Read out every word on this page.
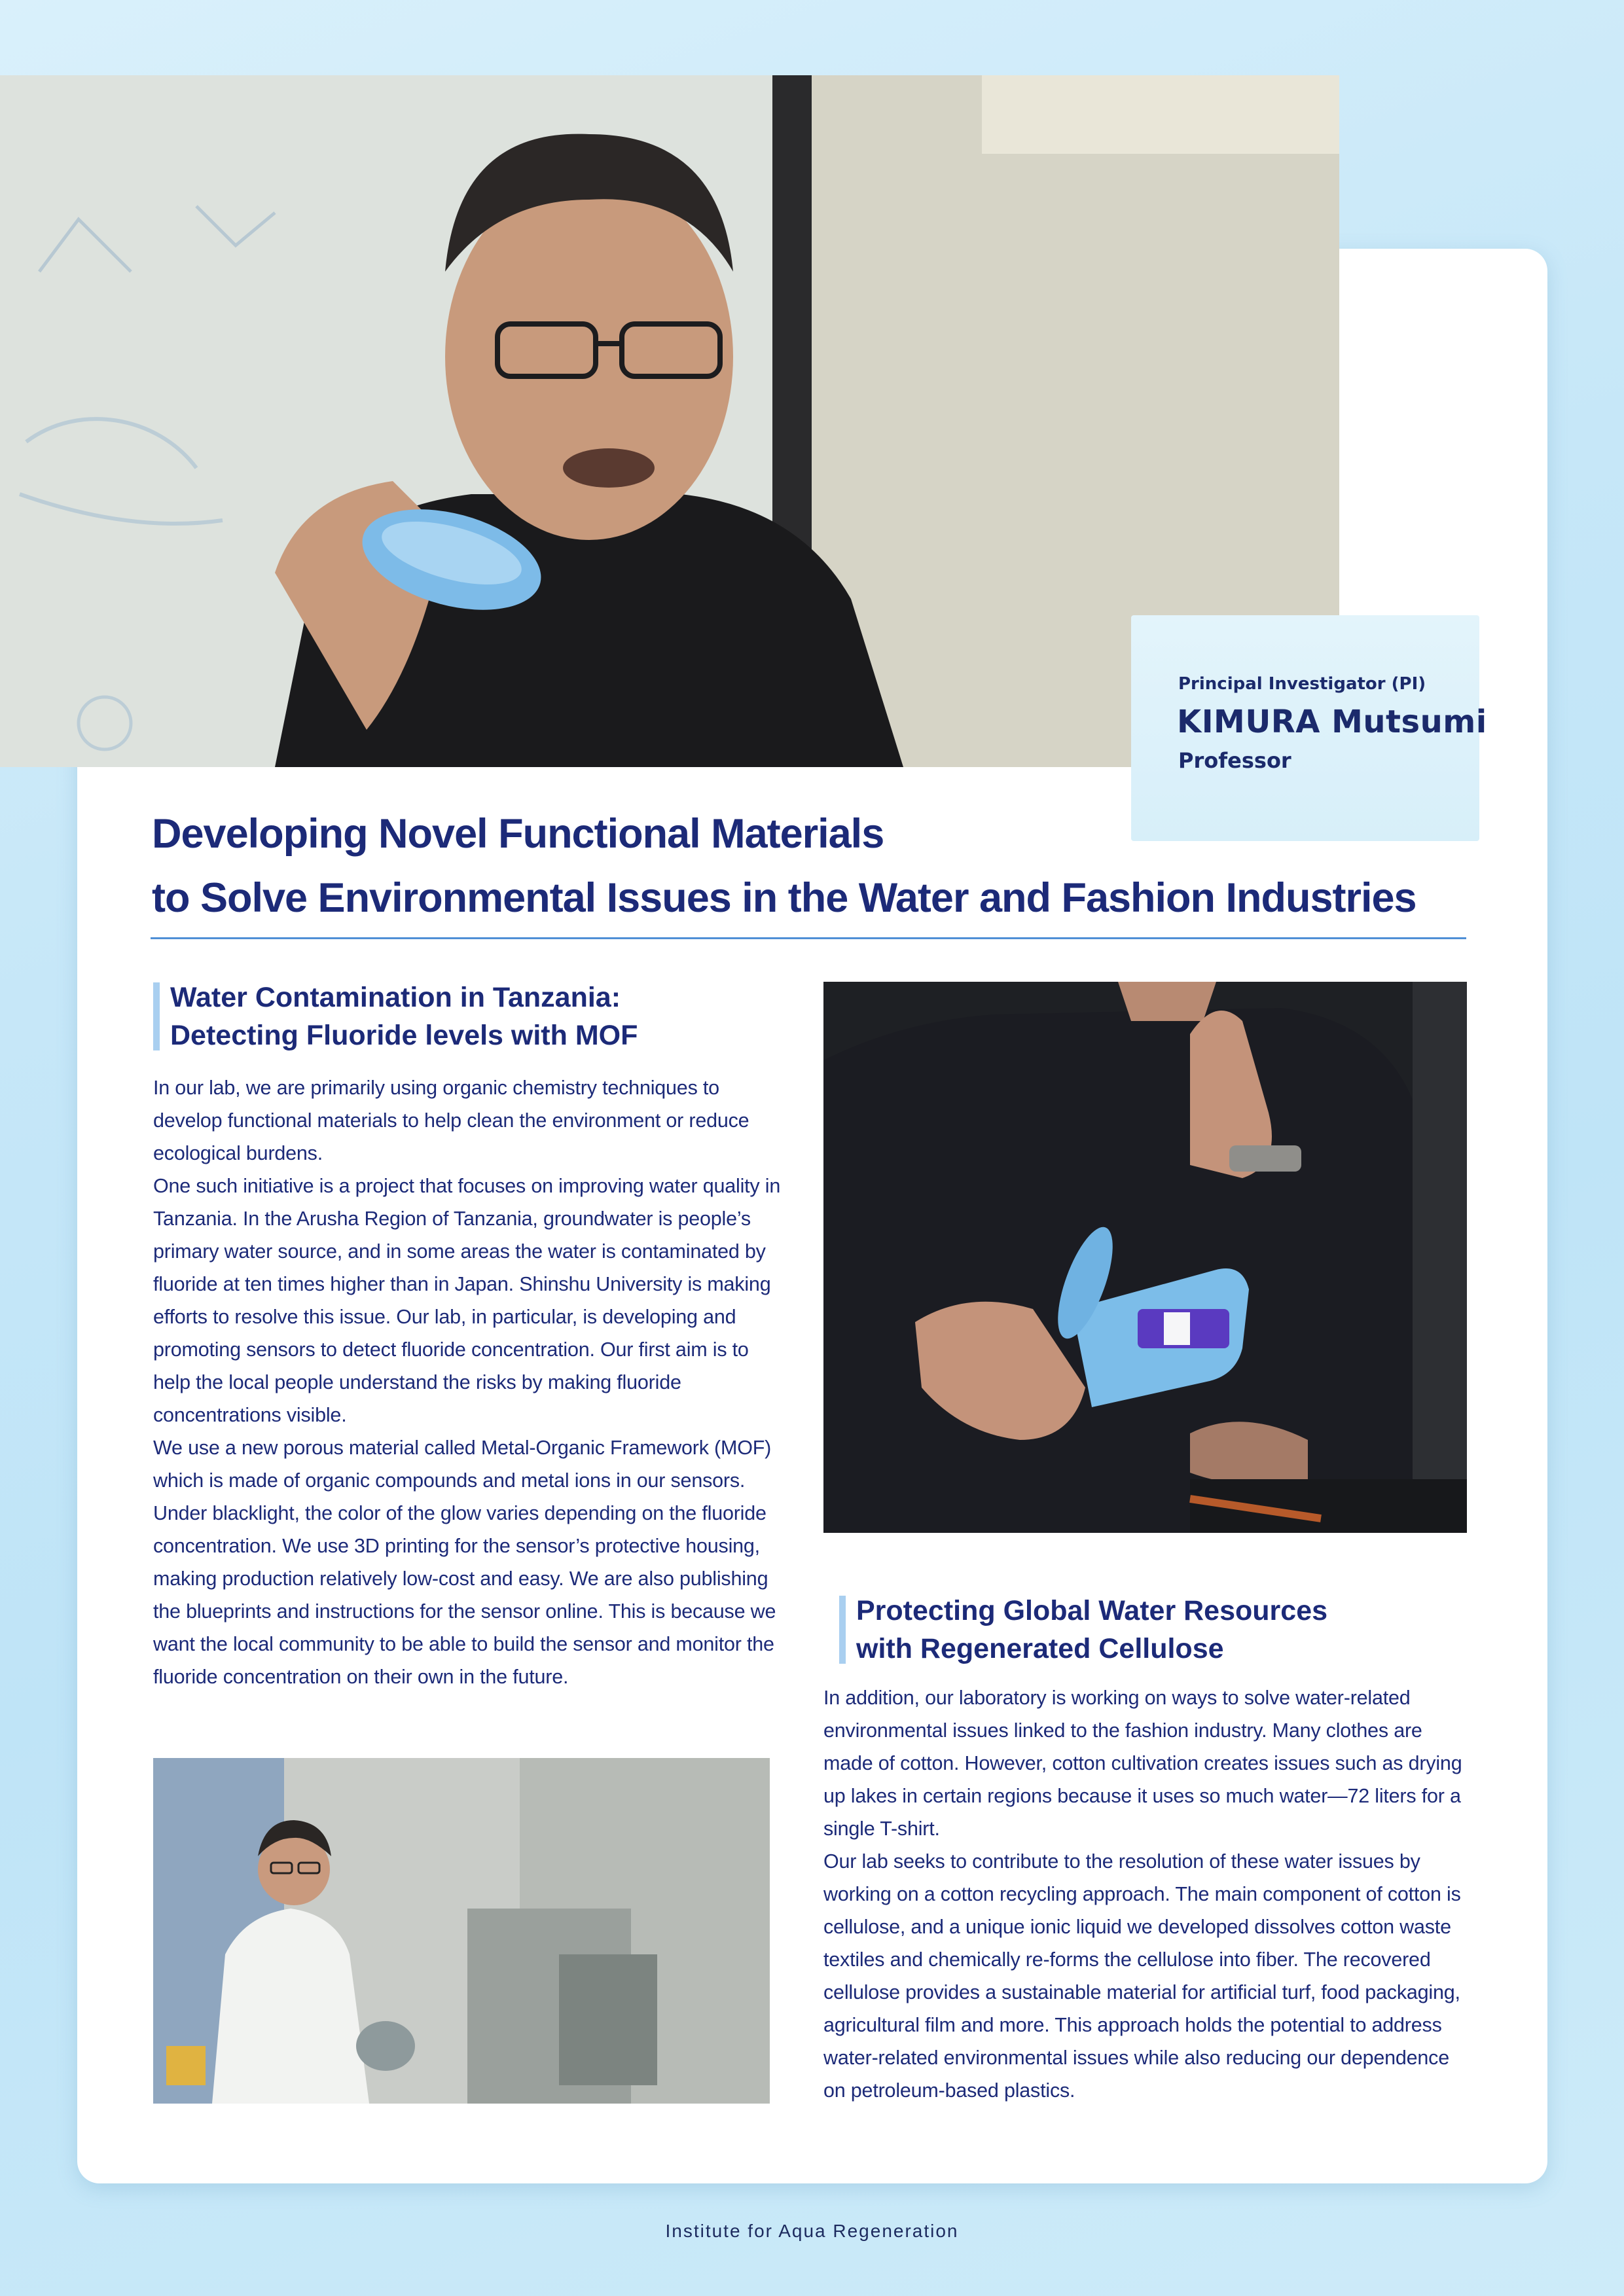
Principal Investigator (PI)
KIMURA Mutsumi
Professor
Developing Novel Functional Materials
to Solve Environmental Issues in the Water and Fashion Industries
Water Contamination in Tanzania:
Detecting Fluoride levels with MOF

In our lab, we are primarily using organic chemistry techniques to develop functional materials to help clean the environment or reduce ecological burdens.

One such initiative is a project that focuses on improving water quality in Tanzania. In the Arusha Region of Tanzania, groundwater is people’s primary water source, and in some areas the water is contaminated by fluoride at ten times higher than in Japan. Shinshu University is making efforts to resolve this issue. Our lab, in particular, is developing and promoting sensors to detect fluoride concentration. Our first aim is to help the local people understand the risks by making fluoride concentrations visible.

We use a new porous material called Metal-Organic Framework (MOF) which is made of organic compounds and metal ions in our sensors. Under blacklight, the color of the glow varies depending on the fluoride concentration. We use 3D printing for the sensor’s protective housing, making production relatively low-cost and easy. We are also publishing the blueprints and instructions for the sensor online. This is because we want the local community to be able to build the sensor and monitor the fluoride concentration on their own in the future.

Protecting Global Water Resources
with Regenerated Cellulose

In addition, our laboratory is working on ways to solve water-related environmental issues linked to the fashion industry. Many clothes are made of cotton. However, cotton cultivation creates issues such as drying up lakes in certain regions because it uses so much water—72 liters for a single T-shirt.

Our lab seeks to contribute to the resolution of these water issues by working on a cotton recycling approach. The main component of cotton is cellulose, and a unique ionic liquid we developed dissolves cotton waste textiles and chemically re-forms the cellulose into fiber. The recovered cellulose provides a sustainable material for artificial turf, food packaging, agricultural film and more. This approach holds the potential to address water-related environmental issues while also reducing our dependence on petroleum-based plastics.

Institute for Aqua Regeneration
